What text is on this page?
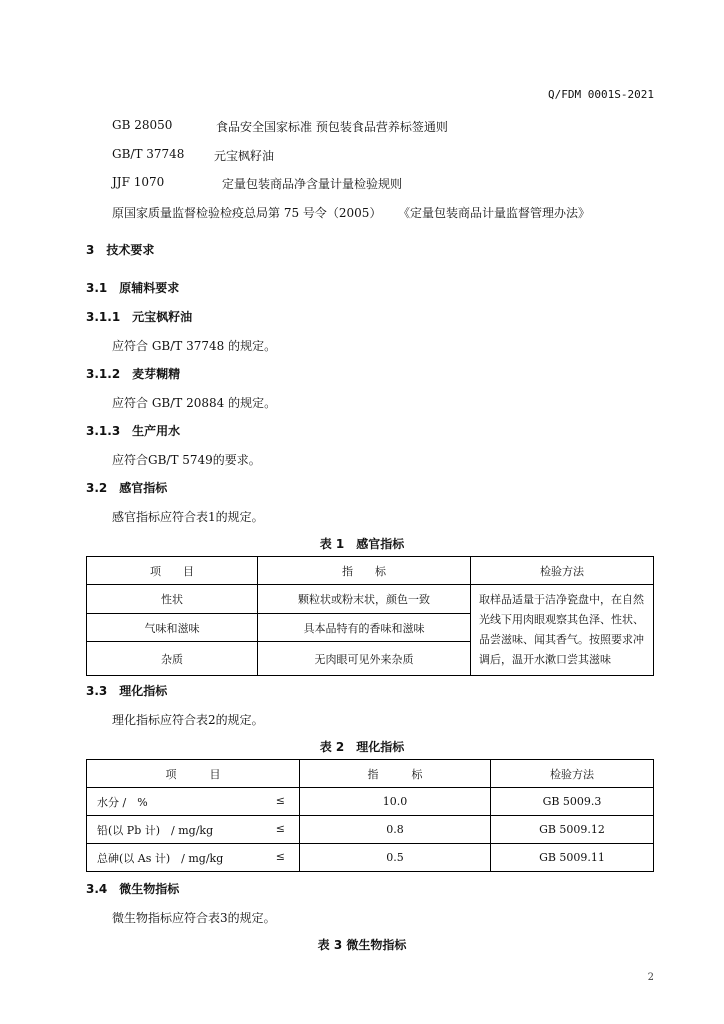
Q/FDM 0001S-2021
GB 28050	食品安全国家标准 预包装食品营养标签通则
GB/T 37748 元宝枫籽油
JJF 1070	定量包装商品净含量计量检验规则
原国家质量监督检验检疫总局第 75 号令（2005） 《定量包装商品计量监督管理办法》
3　技术要求
3.1　原辅料要求
3.1.1　元宝枫籽油
应符合 GB/T 37748 的规定。
3.1.2　麦芽糊精
应符合 GB/T 20884 的规定。
3.1.3　生产用水
应符合GB/T 5749的要求。
3.2　感官指标
感官指标应符合表1的规定。
表 1　感官指标
项　　目	指　　标	检验方法
性状	颗粒状或粉末状，颜色一致	取样品适量于洁净瓷盘中，在自然光线下用肉眼观察其色泽、性状、品尝滋味、闻其香气。按照要求冲调后，温开水漱口尝其滋味
气味和滋味	具本品特有的香味和滋味	
杂质	无肉眼可见外来杂质	
3.3　理化指标
理化指标应符合表2的规定。
表 2　理化指标
项　　　目	指　　　标	检验方法
水分 /　% ≤	10.0	GB 5009.3
铅(以 Pb 计)　/ mg/kg ≤	0.8	GB 5009.12
总砷(以 As 计)　/ mg/kg ≤	0.5	GB 5009.11
3.4　微生物指标
微生物指标应符合表3的规定。
表 3 微生物指标
2
